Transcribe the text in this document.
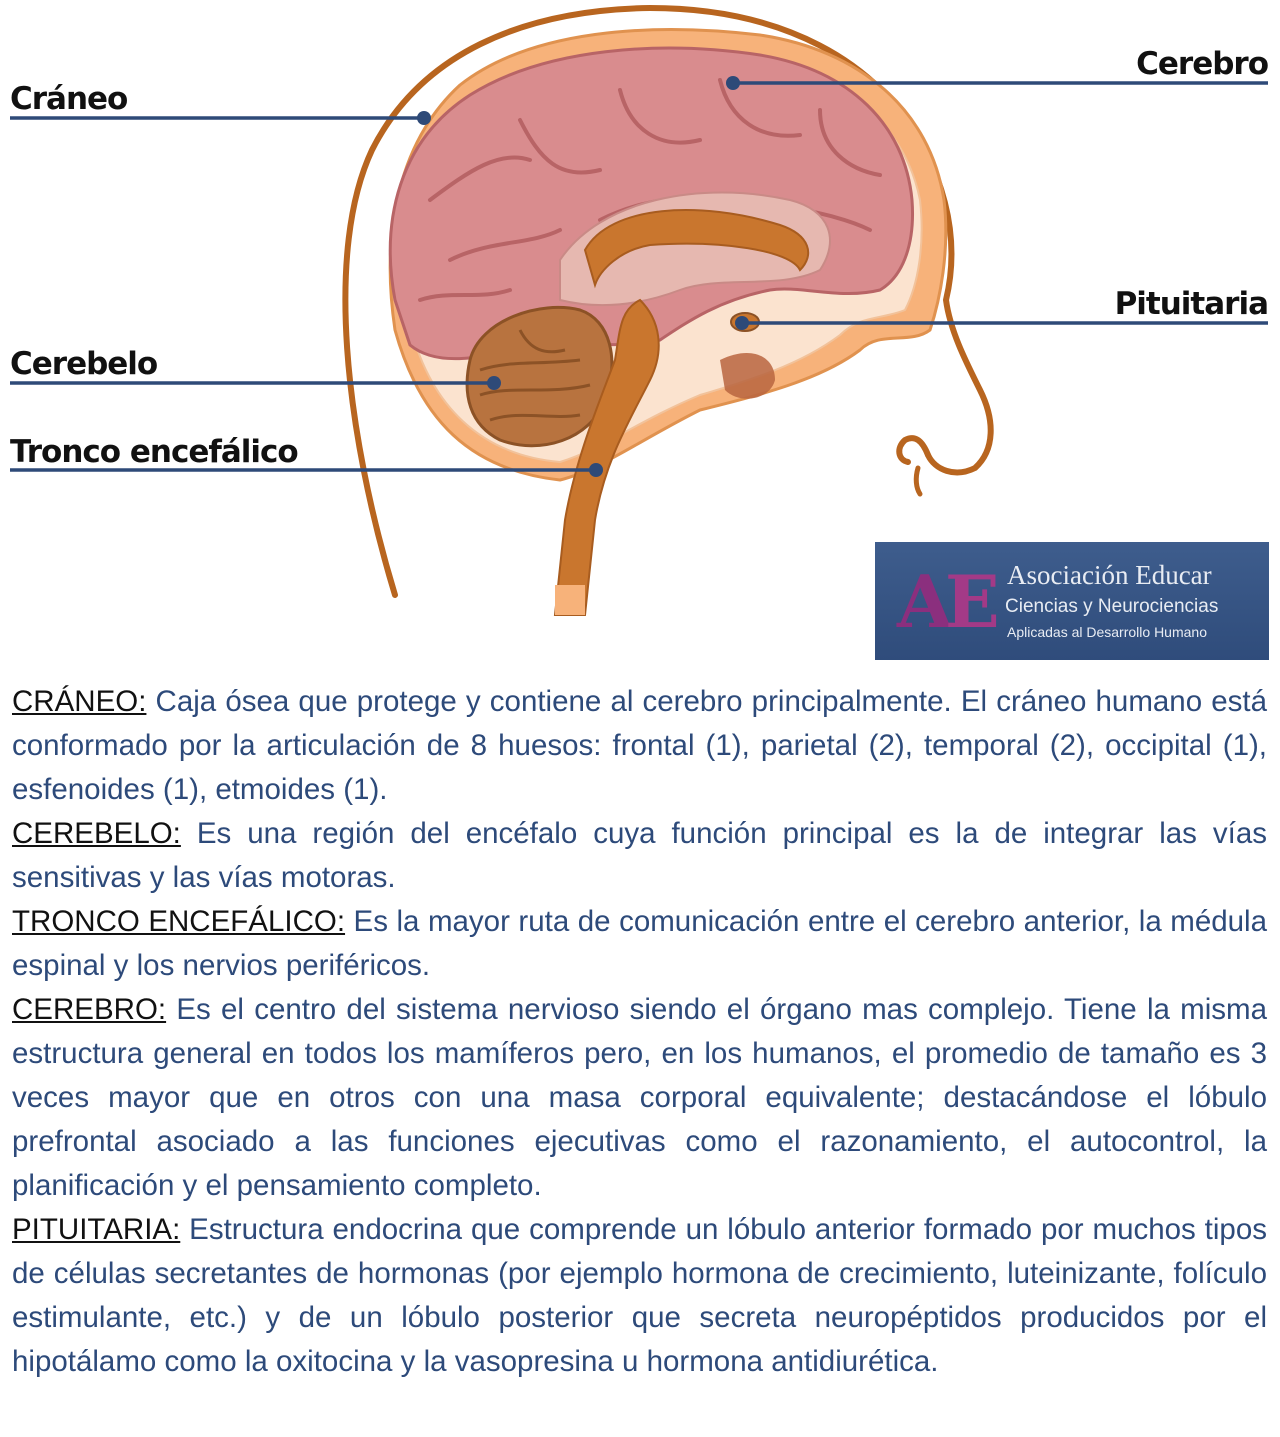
Cráneo
Cerebro
Pituitaria
Cerebelo
Tronco encefálico
AE Asociación Educar
Ciencias y Neurociencias
Aplicadas al Desarrollo Humano

CRÁNEO: Caja ósea que protege y contiene al cerebro principalmente. El cráneo humano está conformado por la articulación de 8 huesos: frontal (1), parietal (2), temporal (2), occipital (1), esfenoides (1), etmoides (1).

CEREBELO: Es una región del encéfalo cuya función principal es la de integrar las vías sensitivas y las vías motoras.

TRONCO ENCEFÁLICO: Es la mayor ruta de comunicación entre el cerebro anterior, la médula espinal y los nervios periféricos.

CEREBRO: Es el centro del sistema nervioso siendo el órgano mas complejo. Tiene la misma estructura general en todos los mamíferos pero, en los humanos, el promedio de tamaño es 3 veces mayor que en otros con una masa corporal equivalente; destacándose el lóbulo prefrontal asociado a las funciones ejecutivas como el razonamiento, el autocontrol, la planificación y el pensamiento completo.

PITUITARIA: Estructura endocrina que comprende un lóbulo anterior formado por muchos tipos de células secretantes de hormonas (por ejemplo hormona de crecimiento, luteinizante, folículo estimulante, etc.) y de un lóbulo posterior que secreta neuropéptidos producidos por el hipotálamo como la oxitocina y la vasopresina u hormona antidiurética.
